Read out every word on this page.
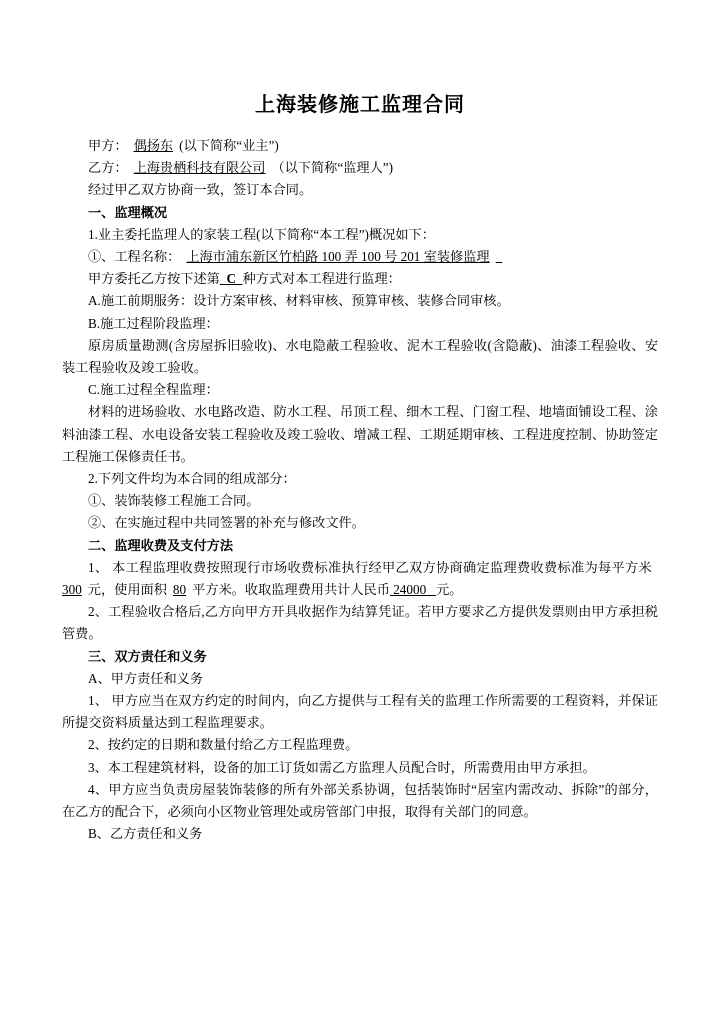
上海装修施工监理合同

甲方： 偶扬东 (以下简称“业主”)

乙方： 上海贵栖科技有限公司 （以下简称“监理人”)

经过甲乙双方协商一致，签订本合同。

一、监理概况

1.业主委托监理人的家装工程(以下简称“本工程”)概况如下：

①、工程名称： 上海市浦东新区竹柏路 100 弄 100 号 201 室装修监理

甲方委托乙方按下述第 C 种方式对本工程进行监理：

A.施工前期服务：设计方案审核、材料审核、预算审核、装修合同审核。

B.施工过程阶段监理：

原房质量勘测(含房屋拆旧验收)、水电隐蔽工程验收、泥木工程验收(含隐蔽)、油漆工程验收、安装工程验收及竣工验收。

C.施工过程全程监理：

材料的进场验收、水电路改造、防水工程、吊顶工程、细木工程、门窗工程、地墙面铺设工程、涂料油漆工程、水电设备安装工程验收及竣工验收、增减工程、工期延期审核、工程进度控制、协助签定工程施工保修责任书。

2.下列文件均为本合同的组成部分：

①、装饰装修工程施工合同。

②、在实施过程中共同签署的补充与修改文件。

二、监理收费及支付方法

1、 本工程监理收费按照现行市场收费标准执行经甲乙双方协商确定监理费收费标准为每平方米300 元，使用面积 80 平方米。收取监理费用共计人民币 24000 元。

2、工程验收合格后,乙方向甲方开具收据作为结算凭证。若甲方要求乙方提供发票则由甲方承担税管费。

三、双方责任和义务

A、甲方责任和义务

1、 甲方应当在双方约定的时间内，向乙方提供与工程有关的监理工作所需要的工程资料，并保证所提交资料质量达到工程监理要求。

2、按约定的日期和数量付给乙方工程监理费。

3、本工程建筑材料，设备的加工订货如需乙方监理人员配合时，所需费用由甲方承担。

4、甲方应当负责房屋装饰装修的所有外部关系协调，包括装饰时“居室内需改动、拆除”的部分，在乙方的配合下，必须向小区物业管理处或房管部门申报，取得有关部门的同意。

B、乙方责任和义务
